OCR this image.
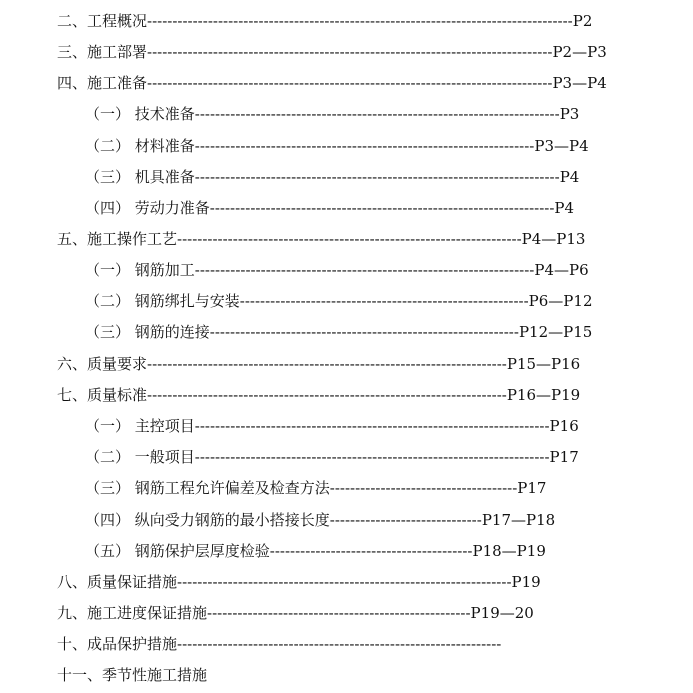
二、工程概况------------------------------------------------------------------------------------P2
三、施工部署--------------------------------------------------------------------------------P2—P3
四、施工准备--------------------------------------------------------------------------------P3—P4
（一） 技术准备------------------------------------------------------------------------P3
（二） 材料准备-------------------------------------------------------------------P3—P4
（三） 机具准备------------------------------------------------------------------------P4
（四） 劳动力准备--------------------------------------------------------------------P4
五、施工操作工艺--------------------------------------------------------------------P4—P13
（一） 钢筋加工-------------------------------------------------------------------P4—P6
（二） 钢筋绑扎与安装---------------------------------------------------------P6—P12
（三） 钢筋的连接-------------------------------------------------------------P12—P15
六、质量要求-----------------------------------------------------------------------P15—P16
七、质量标准-----------------------------------------------------------------------P16—P19
（一） 主控项目----------------------------------------------------------------------P16
（二） 一般项目----------------------------------------------------------------------P17
（三） 钢筋工程允许偏差及检查方法-------------------------------------P17
（四） 纵向受力钢筋的最小搭接长度------------------------------P17—P18
（五） 钢筋保护层厚度检验----------------------------------------P18—P19
八、质量保证措施------------------------------------------------------------------P19
九、施工进度保证措施----------------------------------------------------P19—20
十、成品保护措施----------------------------------------------------------------
十一、季节性施工措施
